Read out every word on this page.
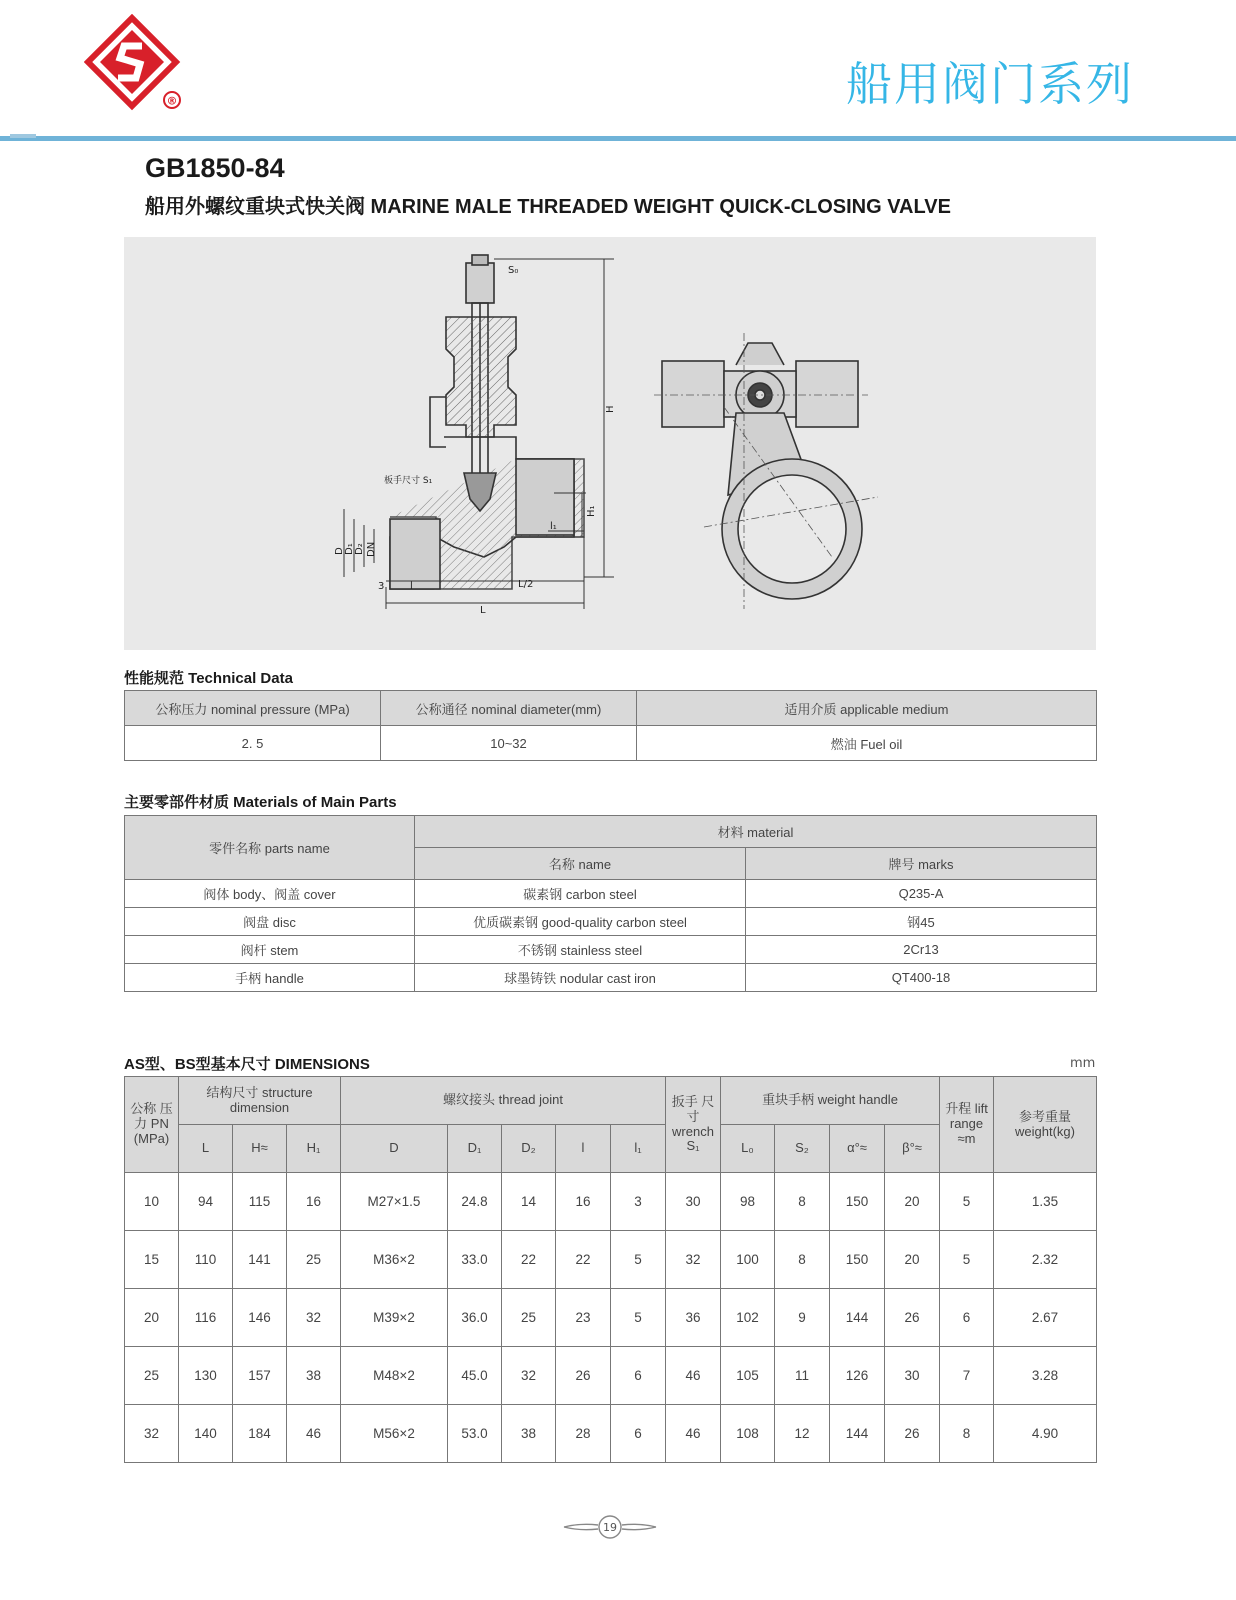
®	船用阀门系列
GB1850-84
船用外螺纹重块式快关阀 MARINE MALE THREADED WEIGHT QUICK-CLOSING VALVE
S₀
H
H₁
板手尺寸 S₁
D D₁ D₂ DN
3	l
l₁
L/2
L
性能规范 Technical Data
公称压力 nominal pressure (MPa)	公称通径 nominal diameter(mm)	适用介质 applicable medium
2. 5	10~32	燃油 Fuel oil
主要零部件材质 Materials of Main Parts
零件名称 parts name	材料 material	
	名称 name	牌号 marks
阀体 body、阀盖 cover	碳素钢 carbon steel	Q235-A
阀盘 disc	优质碳素钢 good-quality carbon steel	钢45
阀杆 stem	不锈钢 stainless steel	2Cr13
手柄 handle	球墨铸铁 nodular cast iron	QT400-18
AS型、BS型基本尺寸 DIMENSIONS	mm
公称 压力 PN (MPa)	结构尺寸 structure dimension			螺纹接头 thread joint					扳手 尺寸 wrench S₁	重块手柄 weight handle				升程 lift range ≈m	参考重量 weight(kg)
	L	H≈	H₁	D	D₁	D₂	l	l₁		L₀	S₂	α°≈	β°≈		
10	94	115	16	M27×1.5	24.8	14	16	3	30	98	8	150	20	5	1.35
15	110	141	25	M36×2	33.0	22	22	5	32	100	8	150	20	5	2.32
20	116	146	32	M39×2	36.0	25	23	5	36	102	9	144	26	6	2.67
25	130	157	38	M48×2	45.0	32	26	6	46	105	11	126	30	7	3.28
32	140	184	46	M56×2	53.0	38	28	6	46	108	12	144	26	8	4.90
19
